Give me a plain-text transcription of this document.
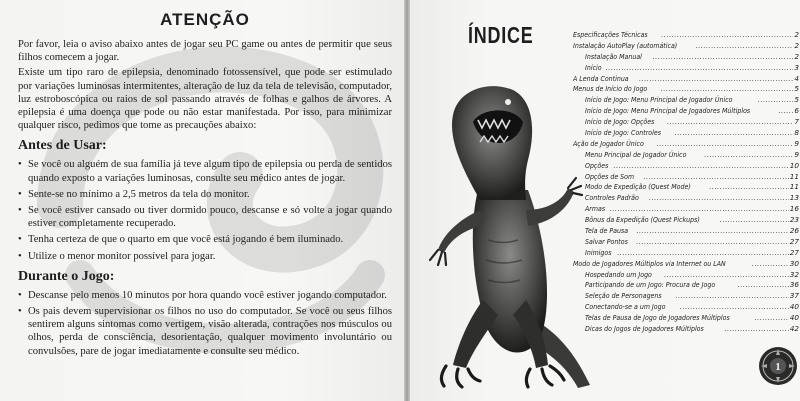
ATENÇÃO

Por favor, leia o aviso abaixo antes de jogar seu PC game ou antes de permitir que seus filhos comecem a jogar.

Existe um tipo raro de epilepsia, denominado fotossensível, que pode ser estimulado por variações luminosas intermitentes, alteração de luz da tela de televisão, computador, luz estroboscópica ou raios de sol passando através de folhas e galhos de árvores. A epilepsia é uma doença que pode ou não estar manifestada. Por isso, para minimizar qualquer risco, pedimos que tome as precauções abaixo:

Antes de Usar:
• Se você ou alguém de sua família já teve algum tipo de epilepsia ou perda de sentidos quando exposto a variações luminosas, consulte seu médico antes de jogar.
• Sente-se no mínimo a 2,5 metros da tela do monitor.
• Se você estiver cansado ou tiver dormido pouco, descanse e só volte a jogar quando estiver completamente recuperado.
• Tenha certeza de que o quarto em que você está jogando é bem iluminado.
• Utilize o menor monitor possível para jogar.
Durante o Jogo:
• Descanse pelo menos 10 minutos por hora quando você estiver jogando computador.
• Os pais devem supervisionar os filhos no uso do computador. Se você ou seus filhos sentirem alguns sintomas como vertigem, visão alterada, contrações nos músculos ou olhos, perda de consciência, desorientação, qualquer movimento involuntário ou convulsões, pare de jogar imediatamente e consulte seu médico.
ÍNDICE	Especificações Técnicas .....	2
Instalação AutoPlay (automática) .....	2
Instalação Manual .....	2
Início .....	3
A Lenda Continua .....	4
Menus de Início do Jogo .....	5
Início de Jogo: Menu Principal de Jogador Único .....	5
Início de Jogo: Menu Principal de Jogadores Múltiplos .....	6
Início de Jogo: Opções .....	7
Início de Jogo: Controles .....	8
Ação de Jogador Único .....	9
Menu Principal de Jogador Único .....	9
Opções .....	10
Opções de Som .....	11
Modo de Expedição (Quest Mode) .....	11
Controles Padrão .....	13
Armas .....	16
Bônus da Expedição (Quest Pickups) .....	23
Tela de Pausa .....	26
Salvar Pontos .....	27
Inimigos .....	27
Modo de Jogadores Múltiplos via Internet ou LAN .....	30
Hospedando um Jogo .....	32
Participando de um Jogo: Procura de Jogo .....	36
Seleção de Personagens .....	37
Conectando-se a um Jogo .....	40
Telas de Pausa de Jogo de Jogadores Múltiplos .....	40
Dicas do Jogos de Jogadores Múltiplos .....	42
1
